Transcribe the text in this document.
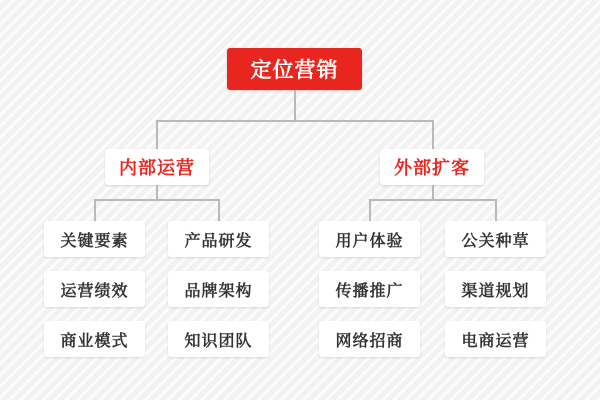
定位营销
内部运营
关键要素
运营绩效
商业模式
产品研发
品牌架构
知识团队
外部扩客
用户体验
传播推广
网络招商
公关种草
渠道规划
电商运营
